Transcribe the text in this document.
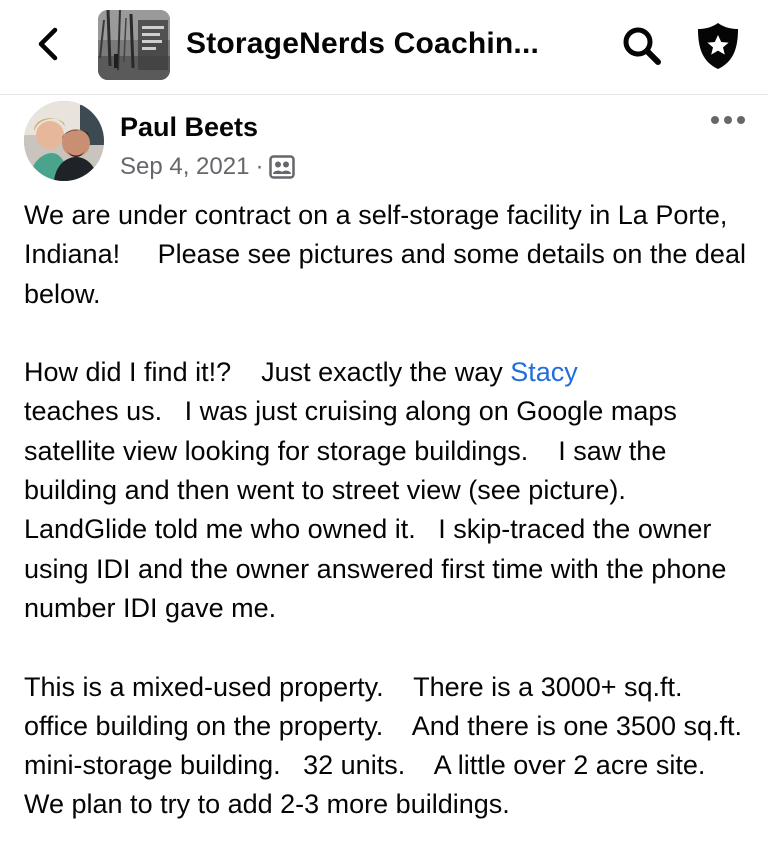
StorageNerds Coachin...
Paul Beets
Sep 4, 2021 ·

We are under contract on a self-storage facility in La Porte, Indiana!     Please see pictures and some details on the deal below.

How did I find it!?    Just exactly the way Stacy
teaches us.   I was just cruising along on Google maps satellite view looking for storage buildings.    I saw the building and then went to street view (see picture).    LandGlide told me who owned it.   I skip-traced the owner using IDI and the owner answered first time with the phone number IDI gave me.

This is a mixed-used property.    There is a 3000+ sq.ft. office building on the property.    And there is one 3500 sq.ft. mini-storage building.   32 units.    A little over 2 acre site.   We plan to try to add 2-3 more buildings.
